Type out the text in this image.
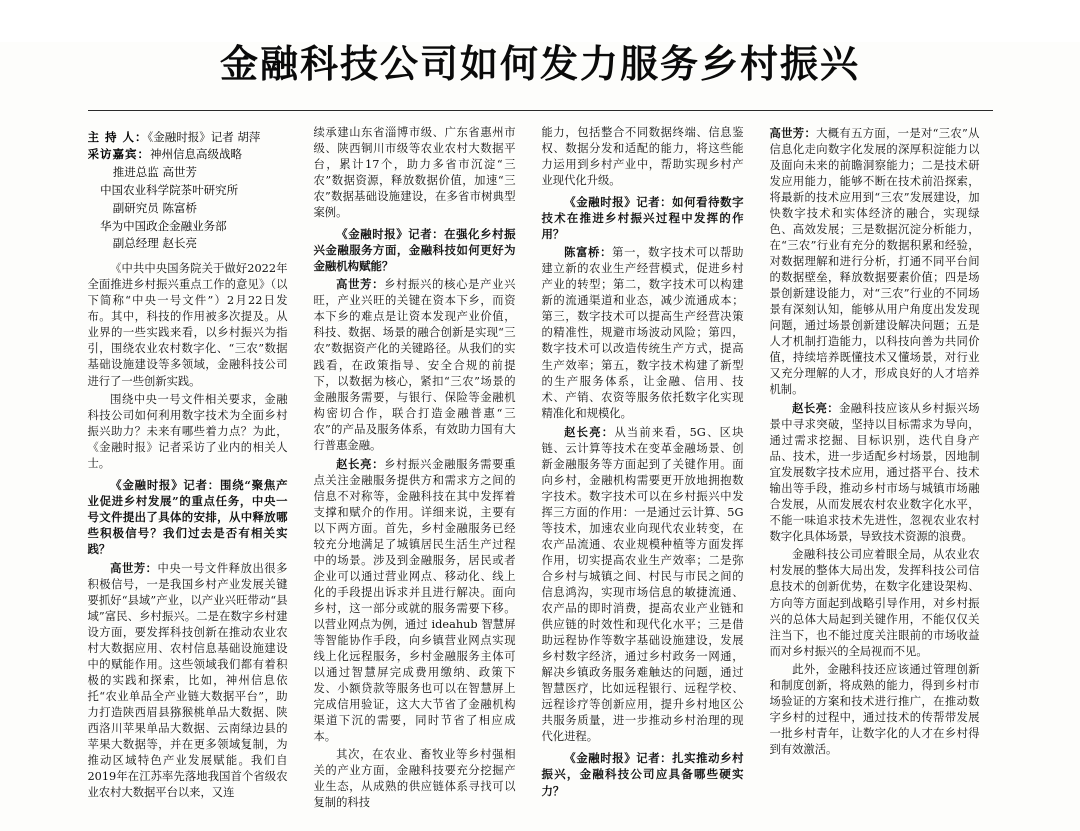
金融科技公司如何发力服务乡村振兴
主 持 人：《金融时报》记者 胡萍
采访嘉宾：神州信息高级战略
推进总监 高世芳
中国农业科学院茶叶研究所
副研究员 陈富桥
华为中国政企金融业务部
副总经理 赵长亮

《中共中央国务院关于做好2022年全面推进乡村振兴重点工作的意见》（以下简称“中央一号文件”）2月22日发布。其中，科技的作用被多次提及。从业界的一些实践来看，以乡村振兴为指引，围绕农业农村数字化、“三农”数据基础设施建设等多领域，金融科技公司进行了一些创新实践。

围绕中央一号文件相关要求，金融科技公司如何利用数字技术为全面乡村振兴助力？未来有哪些着力点？为此，《金融时报》记者采访了业内的相关人士。

《金融时报》记者：围绕“聚焦产业促进乡村发展”的重点任务，中央一号文件提出了具体的安排，从中释放哪些积极信号？我们过去是否有相关实践？

高世芳：中央一号文件释放出很多积极信号，一是我国乡村产业发展关键要抓好“县域”产业，以产业兴旺带动“县域”富民、乡村振兴。二是在数字乡村建设方面，要发挥科技创新在推动农业农村大数据应用、农村信息基础设施建设中的赋能作用。这些领域我们都有着积极的实践和探索，比如，神州信息依托“农业单品全产业链大数据平台”，助力打造陕西眉县猕猴桃单品大数据、陕西洛川苹果单品大数据、云南绿边县的苹果大数据等，并在更多领域复制，为推动区域特色产业发展赋能。我们自2019年在江苏率先落地我国首个省级农业农村大数据平台以来，又连

续承建山东省淄博市级、广东省惠州市级、陕西铜川市级等农业农村大数据平台，累计17个，助力多省市沉淀“三农”数据资源，释放数据价值，加速“三农”数据基础设施建设，在多省市树典型案例。

《金融时报》记者：在强化乡村振兴金融服务方面，金融科技如何更好为金融机构赋能？

高世芳：乡村振兴的核心是产业兴旺，产业兴旺的关键在资本下乡，而资本下乡的难点是让资本发现产业价值，科技、数据、场景的融合创新是实现“三农”数据资产化的关键路径。从我们的实践看，在政策指导、安全合规的前提下，以数据为核心，紧扣“三农”场景的金融服务需要，与银行、保险等金融机构密切合作，联合打造金融普惠“三农”的产品及服务体系，有效助力国有大行普惠金融。

赵长亮：乡村振兴金融服务需要重点关注金融服务提供方和需求方之间的信息不对称等，金融科技在其中发挥着支撑和赋介的作用。详细来说，主要有以下两方面。首先，乡村金融服务已经较充分地满足了城镇居民生活生产过程中的场景。涉及到金融服务，居民或者企业可以通过营业网点、移动化、线上化的手段提出诉求并且进行解决。面向乡村，这一部分或就的服务需要下移。以营业网点为例，通过 ideahub 智慧屏等智能协作手段，向乡镇营业网点实现线上化远程服务，乡村金融服务主体可以通过智慧屏完成费用缴纳、政策下发、小额贷款等服务也可以在智慧屏上完成信用验证，这大大节省了金融机构渠道下沉的需要，同时节省了相应成本。

其次，在农业、畜牧业等乡村强相关的产业方面，金融科技要充分挖掘产业生态，从成熟的供应链体系寻找可以复制的科技

能力，包括整合不同数据终端、信息鉴权、数据分发和适配的能力，将这些能力运用到乡村产业中，帮助实现乡村产业现代化升级。

《金融时报》记者：如何看待数字技术在推进乡村振兴过程中发挥的作用？

陈富桥：第一，数字技术可以帮助建立新的农业生产经营模式，促进乡村产业的转型；第二，数字技术可以构建新的流通渠道和业态，减少流通成本；第三，数字技术可以提高生产经营决策的精准性，规避市场波动风险；第四，数字技术可以改造传统生产方式，提高生产效率；第五，数字技术构建了新型的生产服务体系，让金融、信用、技术、产销、农资等服务依托数字化实现精准化和规模化。

赵长亮：从当前来看，5G、区块链、云计算等技术在变革金融场景、创新金融服务等方面起到了关键作用。面向乡村，金融机构需要更开放地拥抱数字技术。数字技术可以在乡村振兴中发挥三方面的作用：一是通过云计算、5G等技术，加速农业向现代农业转变，在农产品流通、农业规模种植等方面发挥作用，切实提高农业生产效率；二是弥合乡村与城镇之间、村民与市民之间的信息鸿沟，实现市场信息的敏捷流通、农产品的即时消费，提高农业产业链和供应链的时效性和现代化水平；三是借助远程协作等数字基础设施建设，发展乡村数字经济，通过乡村政务一网通，解决乡镇政务服务难触达的问题，通过智慧医疗，比如远程银行、远程学校、远程诊疗等创新应用，提升乡村地区公共服务质量，进一步推动乡村治理的现代化进程。

《金融时报》记者：扎实推动乡村振兴，金融科技公司应具备哪些硬实力？

高世芳：大概有五方面，一是对“三农”从信息化走向数字化发展的深厚积淀能力以及面向未来的前瞻洞察能力；二是技术研发应用能力，能够不断在技术前沿探索，将最新的技术应用到“三农”发展建设，加快数字技术和实体经济的融合，实现绿色、高效发展；三是数据沉淀分析能力，在“三农”行业有充分的数据积累和经验，对数据理解和进行分析，打通不同平台间的数据壁垒，释放数据要素价值；四是场景创新建设能力，对“三农”行业的不同场景有深刻认知，能够从用户角度出发发现问题，通过场景创新建设解决问题；五是人才机制打造能力，以科技向善为共同价值，持续培养既懂技术又懂场景，对行业又充分理解的人才，形成良好的人才培养机制。

赵长亮：金融科技应该从乡村振兴场景中寻求突破，坚持以目标需求为导向，通过需求挖掘、目标识别，迭代自身产品、技术，进一步适配乡村场景，因地制宜发展数字技术应用，通过搭平台、技术输出等手段，推动乡村市场与城镇市场融合发展，从而发展农村农业数字化水平，不能一味追求技术先进性，忽视农业农村数字化具体场景，导致技术资源的浪费。

金融科技公司应着眼全局，从农业农村发展的整体大局出发，发挥科技公司信息技术的创新优势，在数字化建设架构、方向等方面起到战略引导作用，对乡村振兴的总体大局起到关键作用，不能仅仅关注当下，也不能过度关注眼前的市场收益而对乡村振兴的全局视而不见。

此外，金融科技还应该通过管理创新和制度创新，将成熟的能力，得到乡村市场验证的方案和技术进行推广，在推动数字乡村的过程中，通过技术的传帮带发展一批乡村青年，让数字化的人才在乡村得到有效激活。
